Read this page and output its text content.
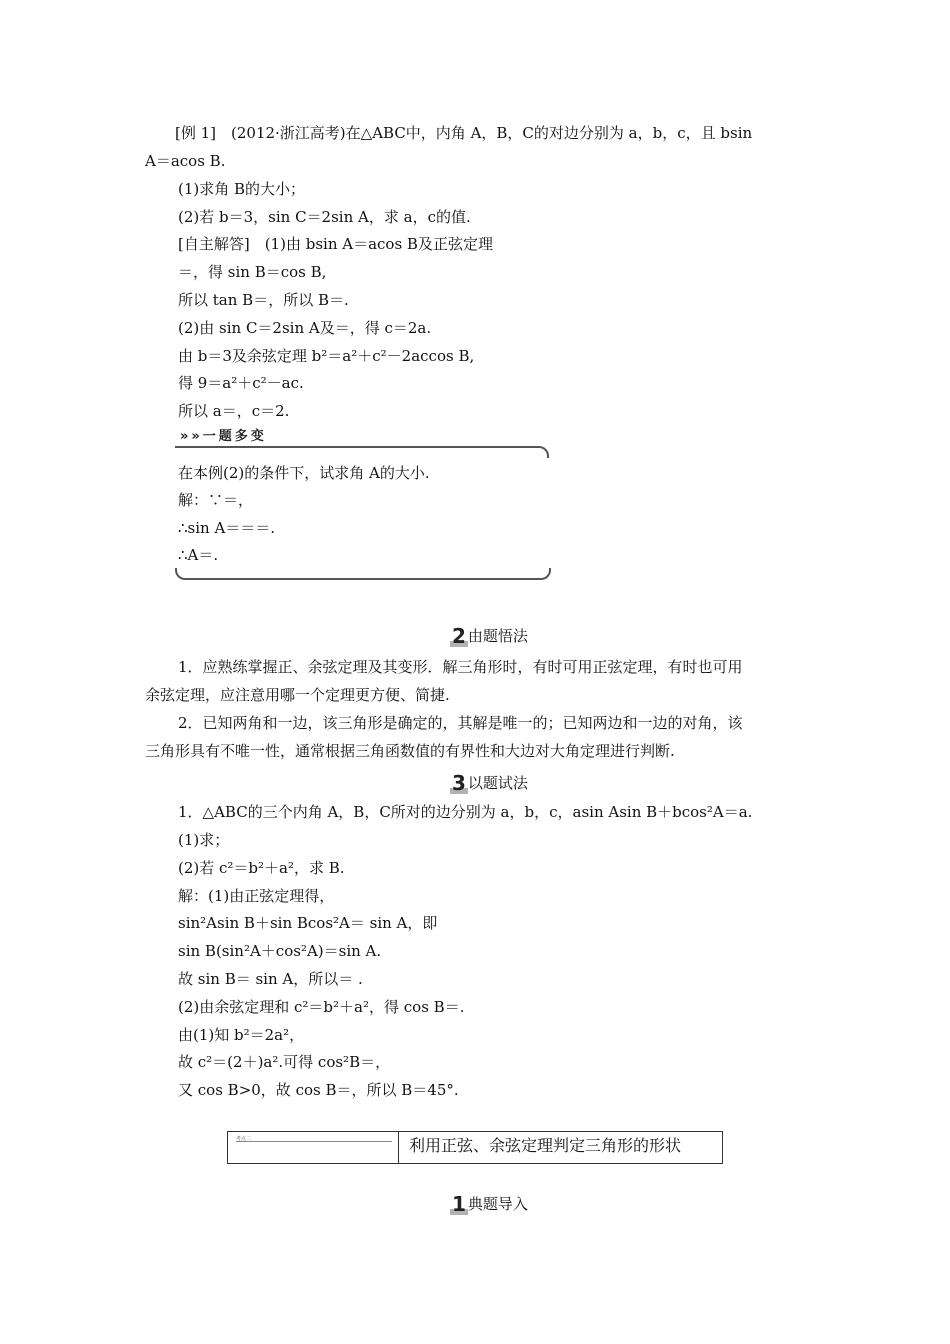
[例 1]　(2012·浙江高考)在△ABC中，内角 A，B，C的对边分别为 a，b，c，且 bsin
A＝acos B.
(1)求角 B的大小；
(2)若 b＝3，sin C＝2sin A，求 a，c的值.
[自主解答]　(1)由 bsin A＝acos B及正弦定理
＝，得 sin B＝cos B,
所以 tan B＝，所以 B＝.
(2)由 sin C＝2sin A及＝，得 c＝2a.
由 b＝3及余弦定理 b²＝a²＋c²－2accos B,
得 9＝a²＋c²－ac.
所以 a＝，c＝2.
»»一题多变
在本例(2)的条件下，试求角 A的大小.
解：∵＝，
∴sin A＝＝＝.
∴A＝.
2 由题悟法
1．应熟练掌握正、余弦定理及其变形．解三角形时，有时可用正弦定理，有时也可用
余弦定理，应注意用哪一个定理更方便、简捷.
2．已知两角和一边，该三角形是确定的，其解是唯一的；已知两边和一边的对角，该
三角形具有不唯一性，通常根据三角函数值的有界性和大边对大角定理进行判断.
3 以题试法
1．△ABC的三个内角 A，B，C所对的边分别为 a，b，c，asin Asin B＋bcos²A＝a.
(1)求；
(2)若 c²＝b²＋a²，求 B.
解：(1)由正弦定理得，
sin²Asin B＋sin Bcos²A＝ sin A，即
sin B(sin²A＋cos²A)＝sin A.
故 sin B＝ sin A，所以＝ .
(2)由余弦定理和 c²＝b²＋a²，得 cos B＝.
由(1)知 b²＝2a²，
故 c²＝(2＋)a².可得 cos²B＝，
又 cos B>0，故 cos B＝，所以 B＝45°.
考点二	利用正弦、余弦定理判定三角形的形状
1 典题导入
